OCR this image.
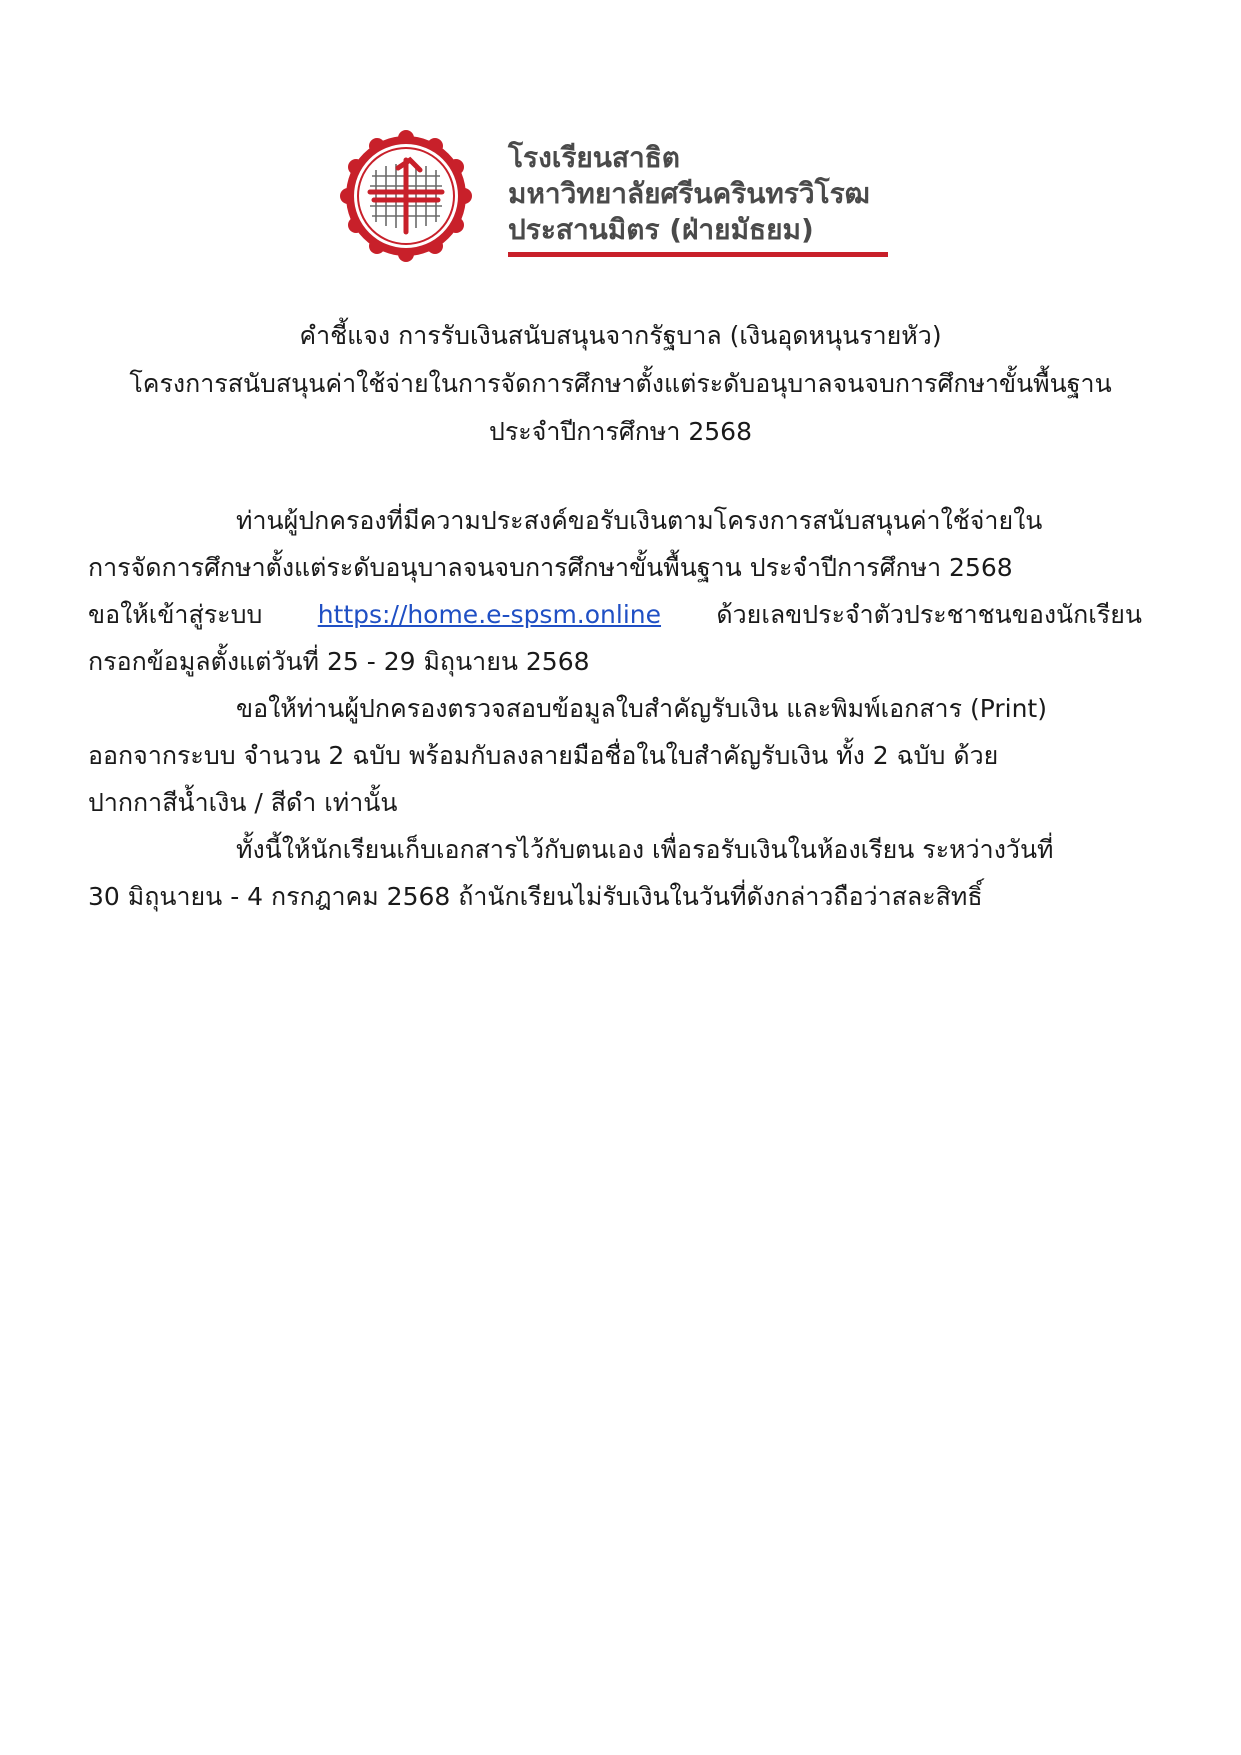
โรงเรียนสาธิต
มหาวิทยาลัยศรีนครินทรวิโรฒ
ประสานมิตร (ฝ่ายมัธยม)
คำชี้แจง การรับเงินสนับสนุนจากรัฐบาล (เงินอุดหนุนรายหัว)
โครงการสนับสนุนค่าใช้จ่ายในการจัดการศึกษาตั้งแต่ระดับอนุบาลจนจบการศึกษาขั้นพื้นฐาน
ประจำปีการศึกษา 2568
ท่านผู้ปกครองที่มีความประสงค์ขอรับเงินตามโครงการสนับสนุนค่าใช้จ่ายใน
การจัดการศึกษาตั้งแต่ระดับอนุบาลจนจบการศึกษาขั้นพื้นฐาน ประจำปีการศึกษา 2568
ขอให้เข้าสู่ระบบ https://home.e-spsm.online ด้วยเลขประจำตัวประชาชนของนักเรียน
กรอกข้อมูลตั้งแต่วันที่ 25 - 29 มิถุนายน 2568
ขอให้ท่านผู้ปกครองตรวจสอบข้อมูลใบสำคัญรับเงิน และพิมพ์เอกสาร (Print)
ออกจากระบบ จำนวน 2 ฉบับ พร้อมกับลงลายมือชื่อในใบสำคัญรับเงิน ทั้ง 2 ฉบับ ด้วย
ปากกาสีน้ำเงิน / สีดำ เท่านั้น
ทั้งนี้ให้นักเรียนเก็บเอกสารไว้กับตนเอง เพื่อรอรับเงินในห้องเรียน ระหว่างวันที่
30 มิถุนายน - 4 กรกฎาคม 2568 ถ้านักเรียนไม่รับเงินในวันที่ดังกล่าวถือว่าสละสิทธิ์
